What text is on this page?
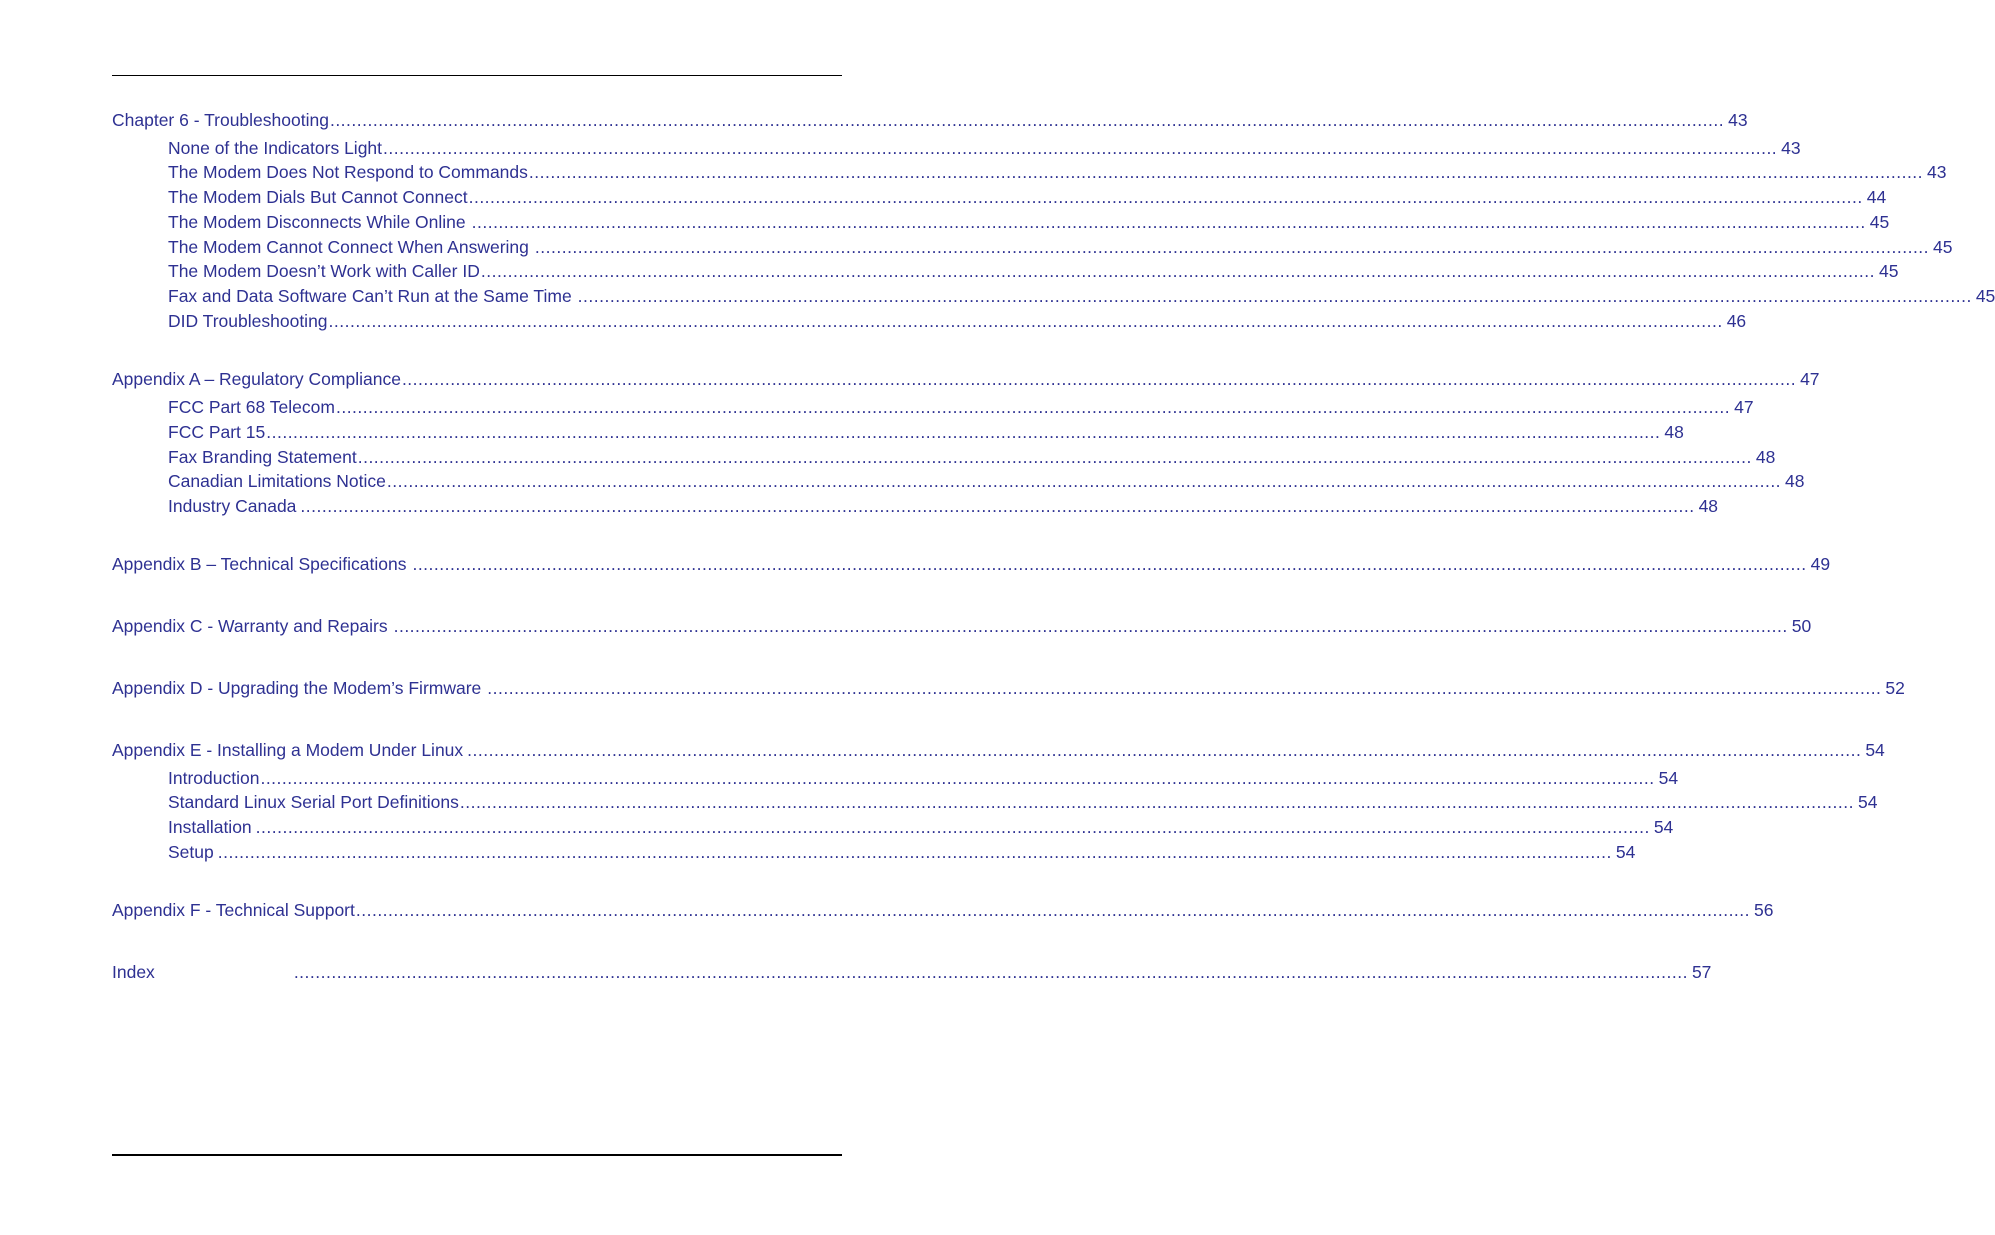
Chapter 6 - Troubleshooting .................................................................................................................................................................................................................................................................... 43
None of the Indicators Light .................................................................................................................................................................................................................................................................... 43
The Modem Does Not Respond to Commands .................................................................................................................................................................................................................................................................... 43
The Modem Dials But Cannot Connect .................................................................................................................................................................................................................................................................... 44
The Modem Disconnects While Online .................................................................................................................................................................................................................................................................... 45
The Modem Cannot Connect When Answering .................................................................................................................................................................................................................................................................... 45
The Modem Doesn’t Work with Caller ID .................................................................................................................................................................................................................................................................... 45
Fax and Data Software Can’t Run at the Same Time .................................................................................................................................................................................................................................................................... 45
DID Troubleshooting .................................................................................................................................................................................................................................................................... 46
Appendix A – Regulatory Compliance .................................................................................................................................................................................................................................................................... 47
FCC Part 68 Telecom .................................................................................................................................................................................................................................................................... 47
FCC Part 15 .................................................................................................................................................................................................................................................................... 48
Fax Branding Statement .................................................................................................................................................................................................................................................................... 48
Canadian Limitations Notice .................................................................................................................................................................................................................................................................... 48
Industry Canada .................................................................................................................................................................................................................................................................... 48
Appendix B – Technical Specifications .................................................................................................................................................................................................................................................................... 49
Appendix C - Warranty and Repairs .................................................................................................................................................................................................................................................................... 50
Appendix D - Upgrading the Modem’s Firmware .................................................................................................................................................................................................................................................................... 52
Appendix E - Installing a Modem Under Linux .................................................................................................................................................................................................................................................................... 54
Introduction .................................................................................................................................................................................................................................................................... 54
Standard Linux Serial Port Definitions .................................................................................................................................................................................................................................................................... 54
Installation .................................................................................................................................................................................................................................................................... 54
Setup .................................................................................................................................................................................................................................................................... 54
Appendix F - Technical Support .................................................................................................................................................................................................................................................................... 56
Index	.................................................................................................................................................................................................................................................................... 57
